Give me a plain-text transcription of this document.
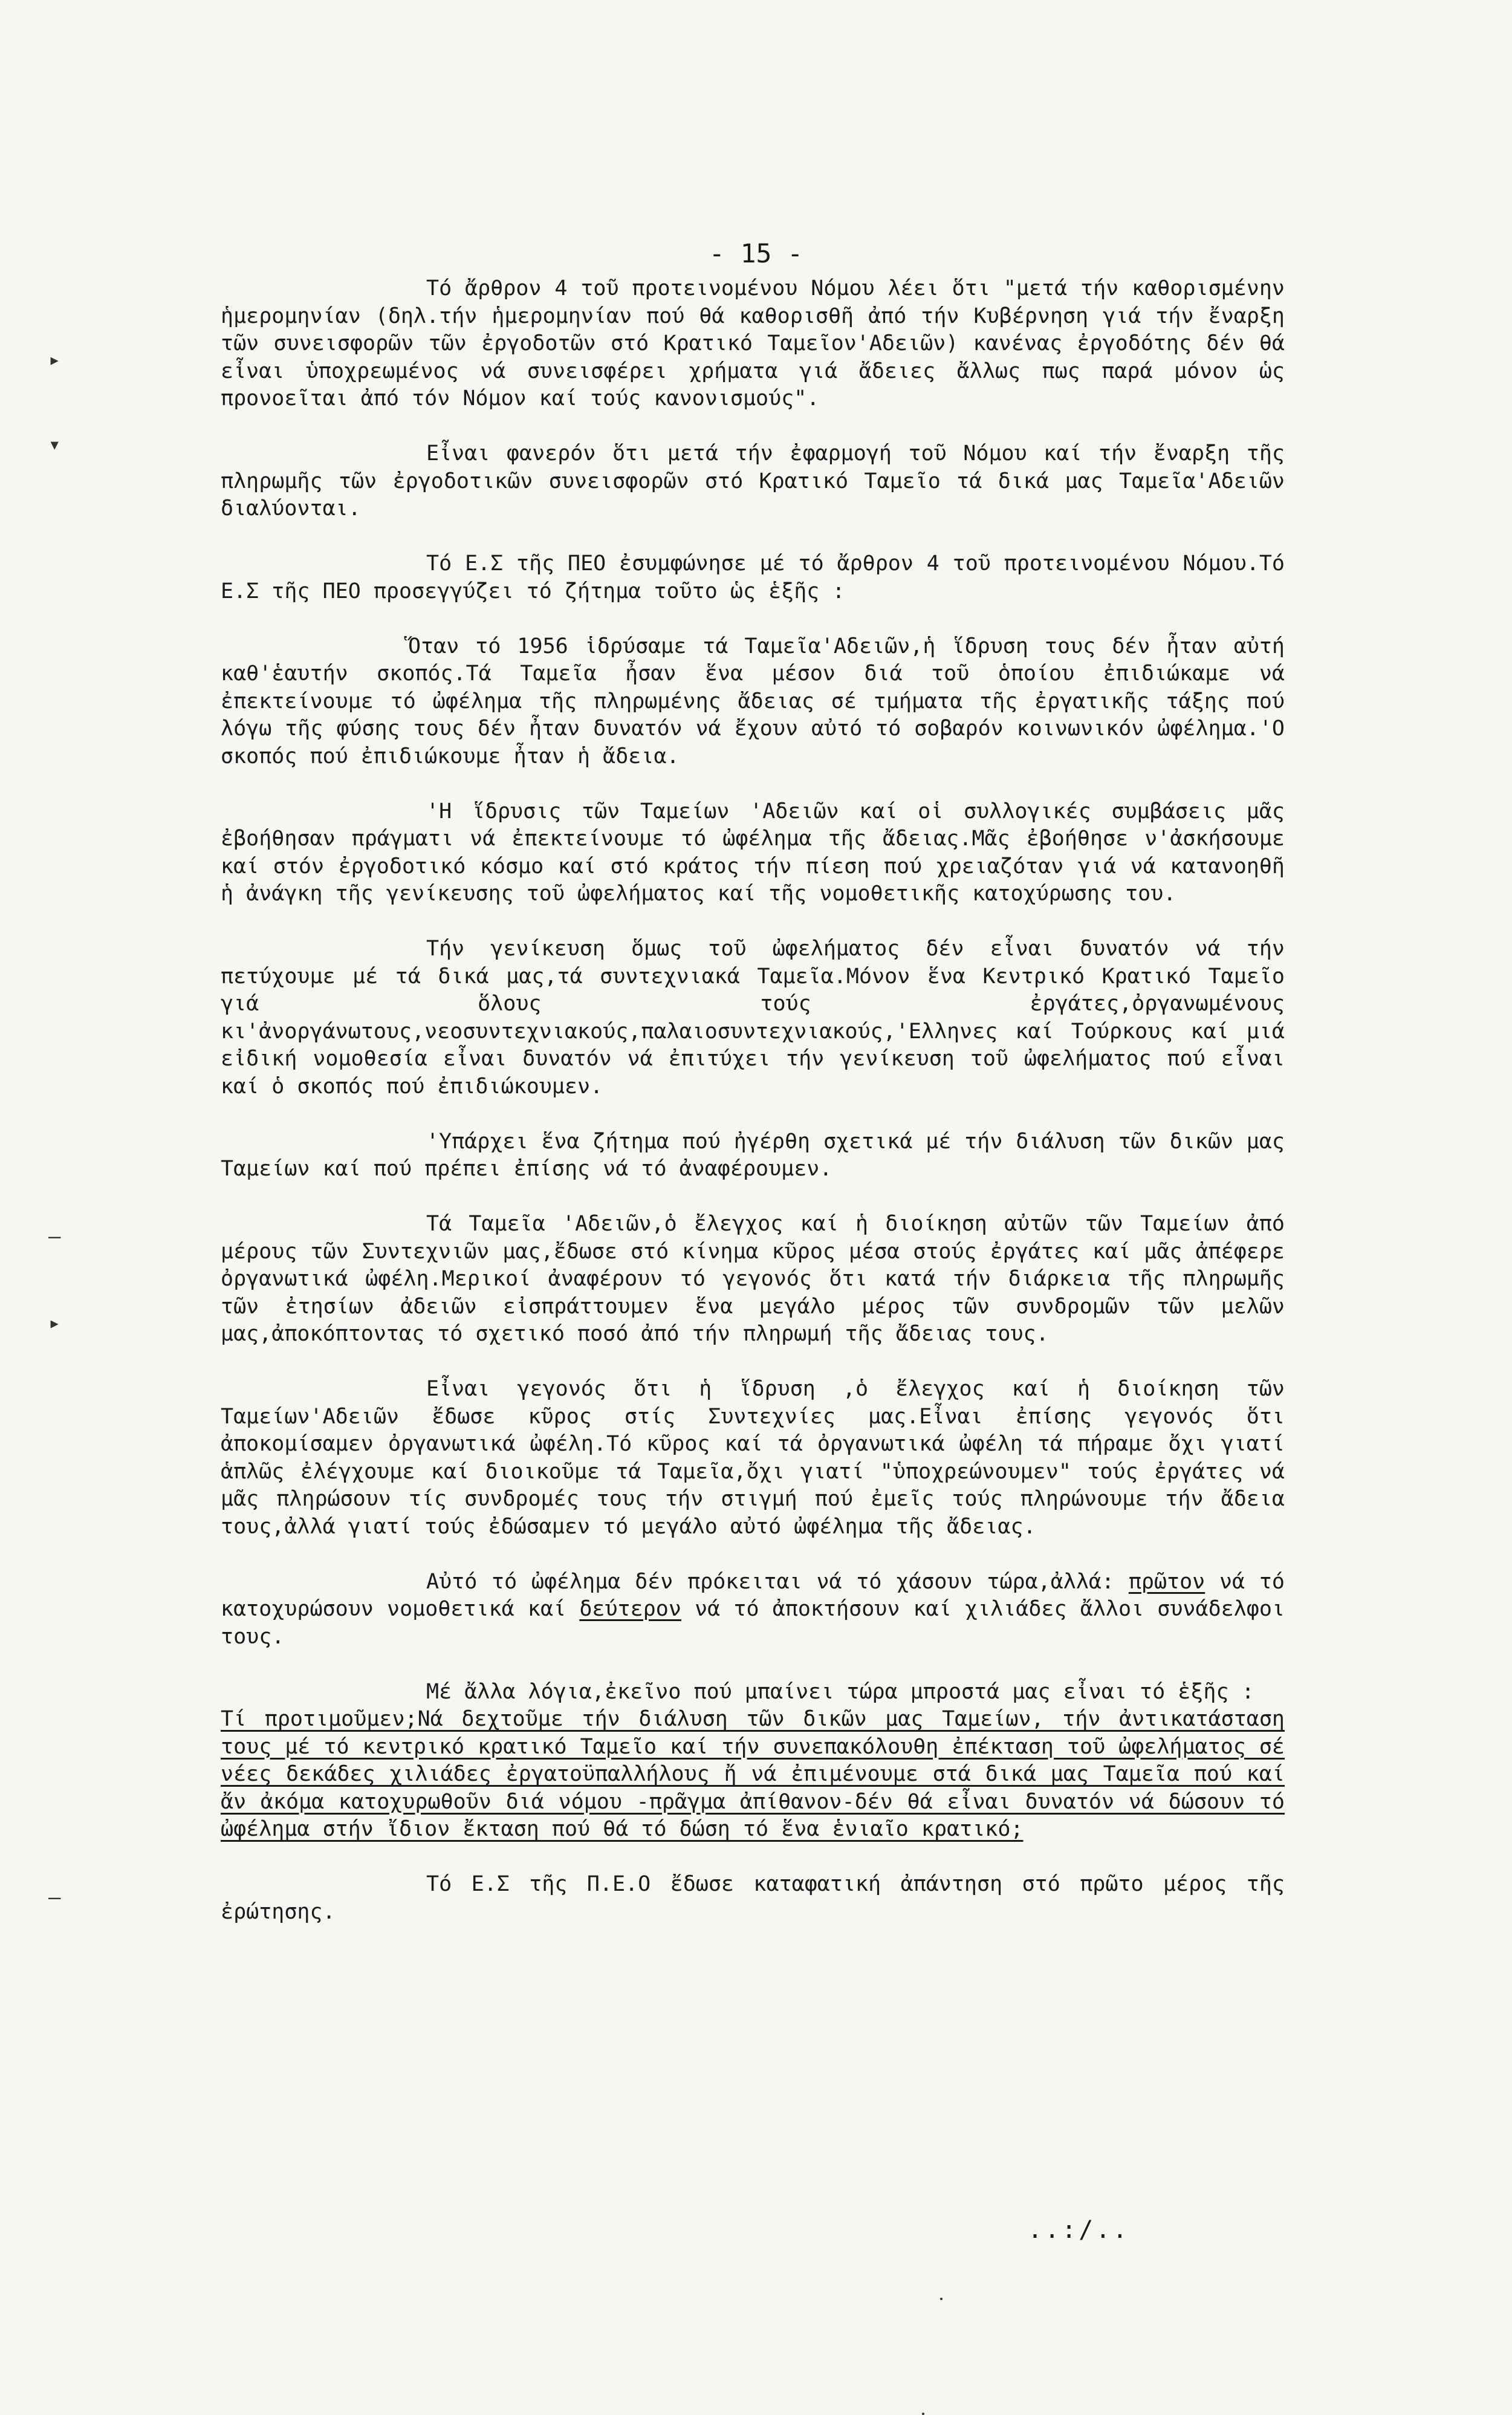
- 15 -
▸
▾
–
▸
–

Τό ἄρθρον 4 τοῦ προτεινομένου Νόμου λέει ὅτι "μετά τήν καθορισμένην ἡμερομηνίαν (δηλ.τήν ἡμερομηνίαν πού θά καθορισθῆ ἀπό τήν Κυβέρνηση γιά τήν ἔναρξη τῶν συνεισφορῶν τῶν ἐργοδοτῶν στό Κρατικό Ταμεῖον'Αδειῶν) κανένας ἐργοδότης δέν θά εἶναι ὑποχρεωμένος νά συνεισφέρει χρήματα γιά ἄδειες ἄλλως πως παρά μόνον ὡς προνοεῖται ἀπό τόν Νόμον καί τούς κανονισμούς".

Εἶναι φανερόν ὅτι μετά τήν ἐφαρμογή τοῦ Νόμου καί τήν ἔναρξη τῆς πληρωμῆς τῶν ἐργοδοτικῶν συνεισφορῶν στό Κρατικό Ταμεῖο τά δικά μας Ταμεῖα'Αδειῶν διαλύονται.

Τό Ε.Σ τῆς ΠΕΟ ἐσυμφώνησε μέ τό ἄρθρον 4 τοῦ προτεινομένου Νόμου.Τό Ε.Σ τῆς ΠΕΟ προσεγγύζει τό ζήτημα τοῦτο ὡς ἑξῆς :

Ὅταν τό 1956 ἱδρύσαμε τά Ταμεῖα'Αδειῶν,ἡ ἵδρυση τους δέν ἦταν αὐτή καθ'ἑαυτήν σκοπός.Τά Ταμεῖα ἦσαν ἕνα μέσον διά τοῦ ὁποίου ἐπιδιώκαμε νά ἐπεκτείνουμε τό ὠφέλημα τῆς πληρωμένης ἄδειας σέ τμήματα τῆς ἐργατικῆς τάξης πού λόγω τῆς φύσης τους δέν ἦταν δυνατόν νά ἔχουν αὐτό τό σοβαρόν κοινωνικόν ὠφέλημα.'Ο σκοπός πού ἐπιδιώκουμε ἦταν ἡ ἄδεια.

'Η ἵδρυσις τῶν Ταμείων 'Αδειῶν καί οἱ συλλογικές συμβάσεις μᾶς ἐβοήθησαν πράγματι νά ἐπεκτείνουμε τό ὠφέλημα τῆς ἄδειας.Μᾶς ἐβοήθησε ν'ἀσκήσουμε καί στόν ἐργοδοτικό κόσμο καί στό κράτος τήν πίεση πού χρειαζόταν γιά νά κατανοηθῆ ἡ ἀνάγκη τῆς γενίκευσης τοῦ ὠφελήματος καί τῆς νομοθετικῆς κατοχύρωσης του.

Τήν γενίκευση ὅμως τοῦ ὠφελήματος δέν εἶναι δυνατόν νά τήν πετύχουμε μέ τά δικά μας,τά συντεχνιακά Ταμεῖα.Μόνον ἕνα Κεντρικό Κρατικό Ταμεῖο γιά ὅλους τούς ἐργάτες,ὀργανωμένους κι'ἀνοργάνωτους,νεοσυντεχνιακούς,παλαιοσυντεχνιακούς,'Ελληνες καί Τούρκους καί μιά εἰδική νομοθεσία εἶναι δυνατόν νά ἐπιτύχει τήν γενίκευση τοῦ ὠφελήματος πού εἶναι καί ὁ σκοπός πού ἐπιδιώκουμεν.

'Υπάρχει ἕνα ζήτημα πού ἠγέρθη σχετικά μέ τήν διάλυση τῶν δικῶν μας Ταμείων καί πού πρέπει ἐπίσης νά τό ἀναφέρουμεν.

Τά Ταμεῖα 'Αδειῶν,ὁ ἔλεγχος καί ἡ διοίκηση αὐτῶν τῶν Ταμείων ἀπό μέρους τῶν Συντεχνιῶν μας,ἔδωσε στό κίνημα κῦρος μέσα στούς ἐργάτες καί μᾶς ἀπέφερε ὀργανωτικά ὠφέλη.Μερικοί ἀναφέρουν τό γεγονός ὅτι κατά τήν διάρκεια τῆς πληρωμῆς τῶν ἐτησίων ἀδειῶν εἰσπράττουμεν ἕνα μεγάλο μέρος τῶν συνδρομῶν τῶν μελῶν μας,ἀποκόπτοντας τό σχετικό ποσό ἀπό τήν πληρωμή τῆς ἄδειας τους.

Εἶναι γεγονός ὅτι ἡ ἵδρυση ,ὁ ἔλεγχος καί ἡ διοίκηση τῶν Ταμείων'Αδειῶν ἔδωσε κῦρος στίς Συντεχνίες μας.Εἶναι ἐπίσης γεγονός ὅτι ἀποκομίσαμεν ὀργανωτικά ὠφέλη.Τό κῦρος καί τά ὀργανωτικά ὠφέλη τά πήραμε ὄχι γιατί ἁπλῶς ἐλέγχουμε καί διοικοῦμε τά Ταμεῖα,ὄχι γιατί "ὑποχρεώνουμεν" τούς ἐργάτες νά μᾶς πληρώσουν τίς συνδρομές τους τήν στιγμή πού ἐμεῖς τούς πληρώνουμε τήν ἄδεια τους,ἀλλά γιατί τούς ἐδώσαμεν τό μεγάλο αὐτό ὠφέλημα τῆς ἄδειας.

Αὐτό τό ὠφέλημα δέν πρόκειται νά τό χάσουν τώρα,ἀλλά: πρῶτον νά τό κατοχυρώσουν νομοθετικά καί δεύτερον νά τό ἀποκτήσουν καί χιλιάδες ἄλλοι συνάδελφοι τους.

Μέ ἄλλα λόγια,ἐκεῖνο πού μπαίνει τώρα μπροστά μας εἶναι τό ἑξῆς :

Τί προτιμοῦμεν;Νά δεχτοῦμε τήν διάλυση τῶν δικῶν μας Ταμείων, τήν ἀντικατάσταση τους μέ τό κεντρικό κρατικό Ταμεῖο καί τήν συνεπακόλουθη ἐπέκταση τοῦ ὠφελήματος σέ νέες δεκάδες χιλιάδες ἐργατοϋπαλλήλους ἤ νά ἐπιμένουμε στά δικά μας Ταμεῖα πού καί ἄν ἀκόμα κατοχυρωθοῦν διά νόμου -πρᾶγμα ἀπίθανον-δέν θά εἶναι δυνατόν νά δώσουν τό ὠφέλημα στήν ἴδιον ἔκταση πού θά τό δώση τό ἕνα ἑνιαῖο κρατικό;

Τό Ε.Σ τῆς Π.Ε.Ο ἔδωσε καταφατική ἀπάντηση στό πρῶτο μέρος τῆς ἐρώτησης.

..:/..
